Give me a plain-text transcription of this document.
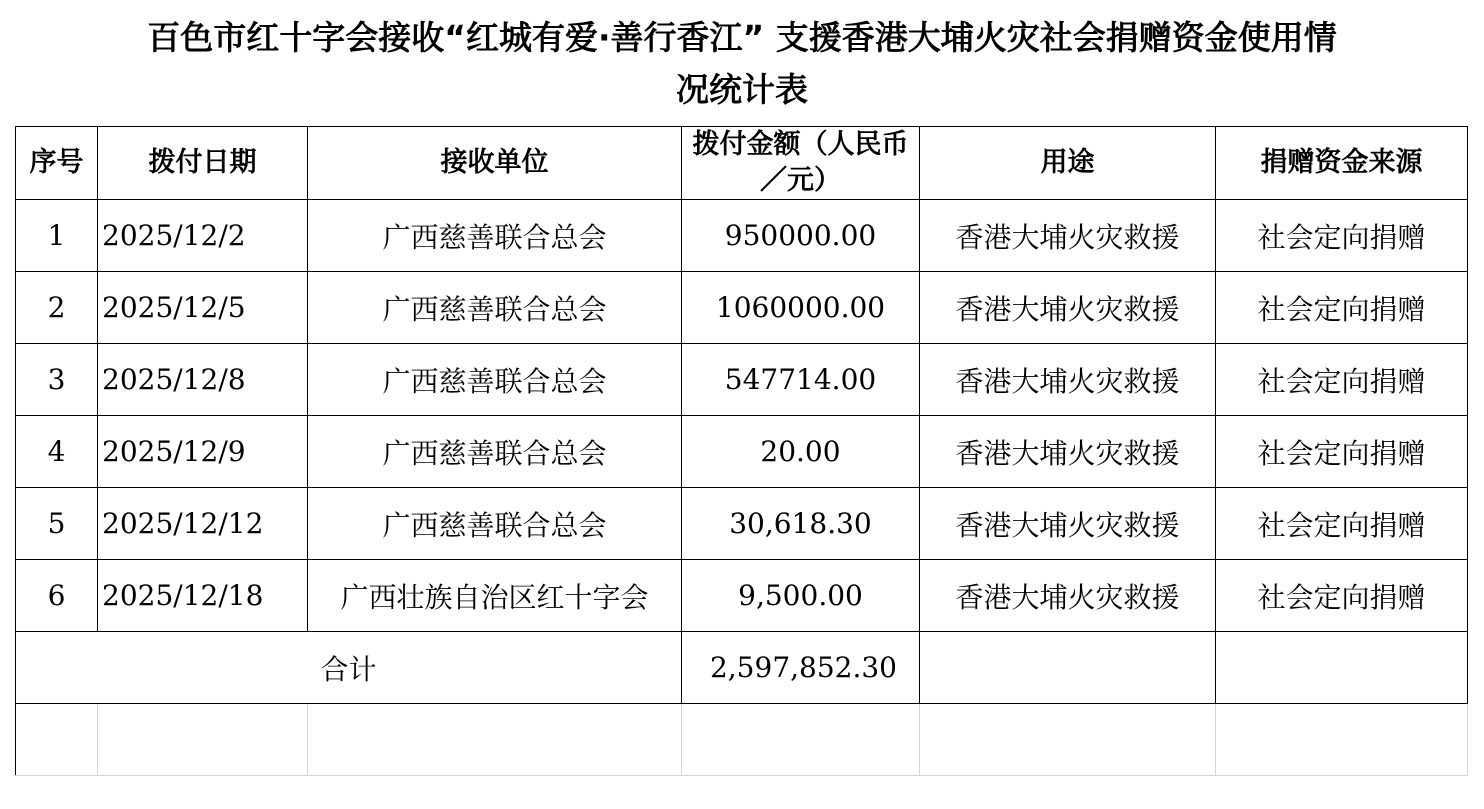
百色市红十字会接收“红城有爱·善行香江” 支援香港大埔火灾社会捐赠资金使用情
况统计表
序号	拨付日期	接收单位	拨付金额（人民币／元）	用途	捐赠资金来源
1	2025/12/2	广西慈善联合总会	950000.00	香港大埔火灾救援	社会定向捐赠
2	2025/12/5	广西慈善联合总会	1060000.00	香港大埔火灾救援	社会定向捐赠
3	2025/12/8	广西慈善联合总会	547714.00	香港大埔火灾救援	社会定向捐赠
4	2025/12/9	广西慈善联合总会	20.00	香港大埔火灾救援	社会定向捐赠
5	2025/12/12	广西慈善联合总会	30,618.30	香港大埔火灾救援	社会定向捐赠
6	2025/12/18	广西壮族自治区红十字会	9,500.00	香港大埔火灾救援	社会定向捐赠
合计			2,597,852.30		
